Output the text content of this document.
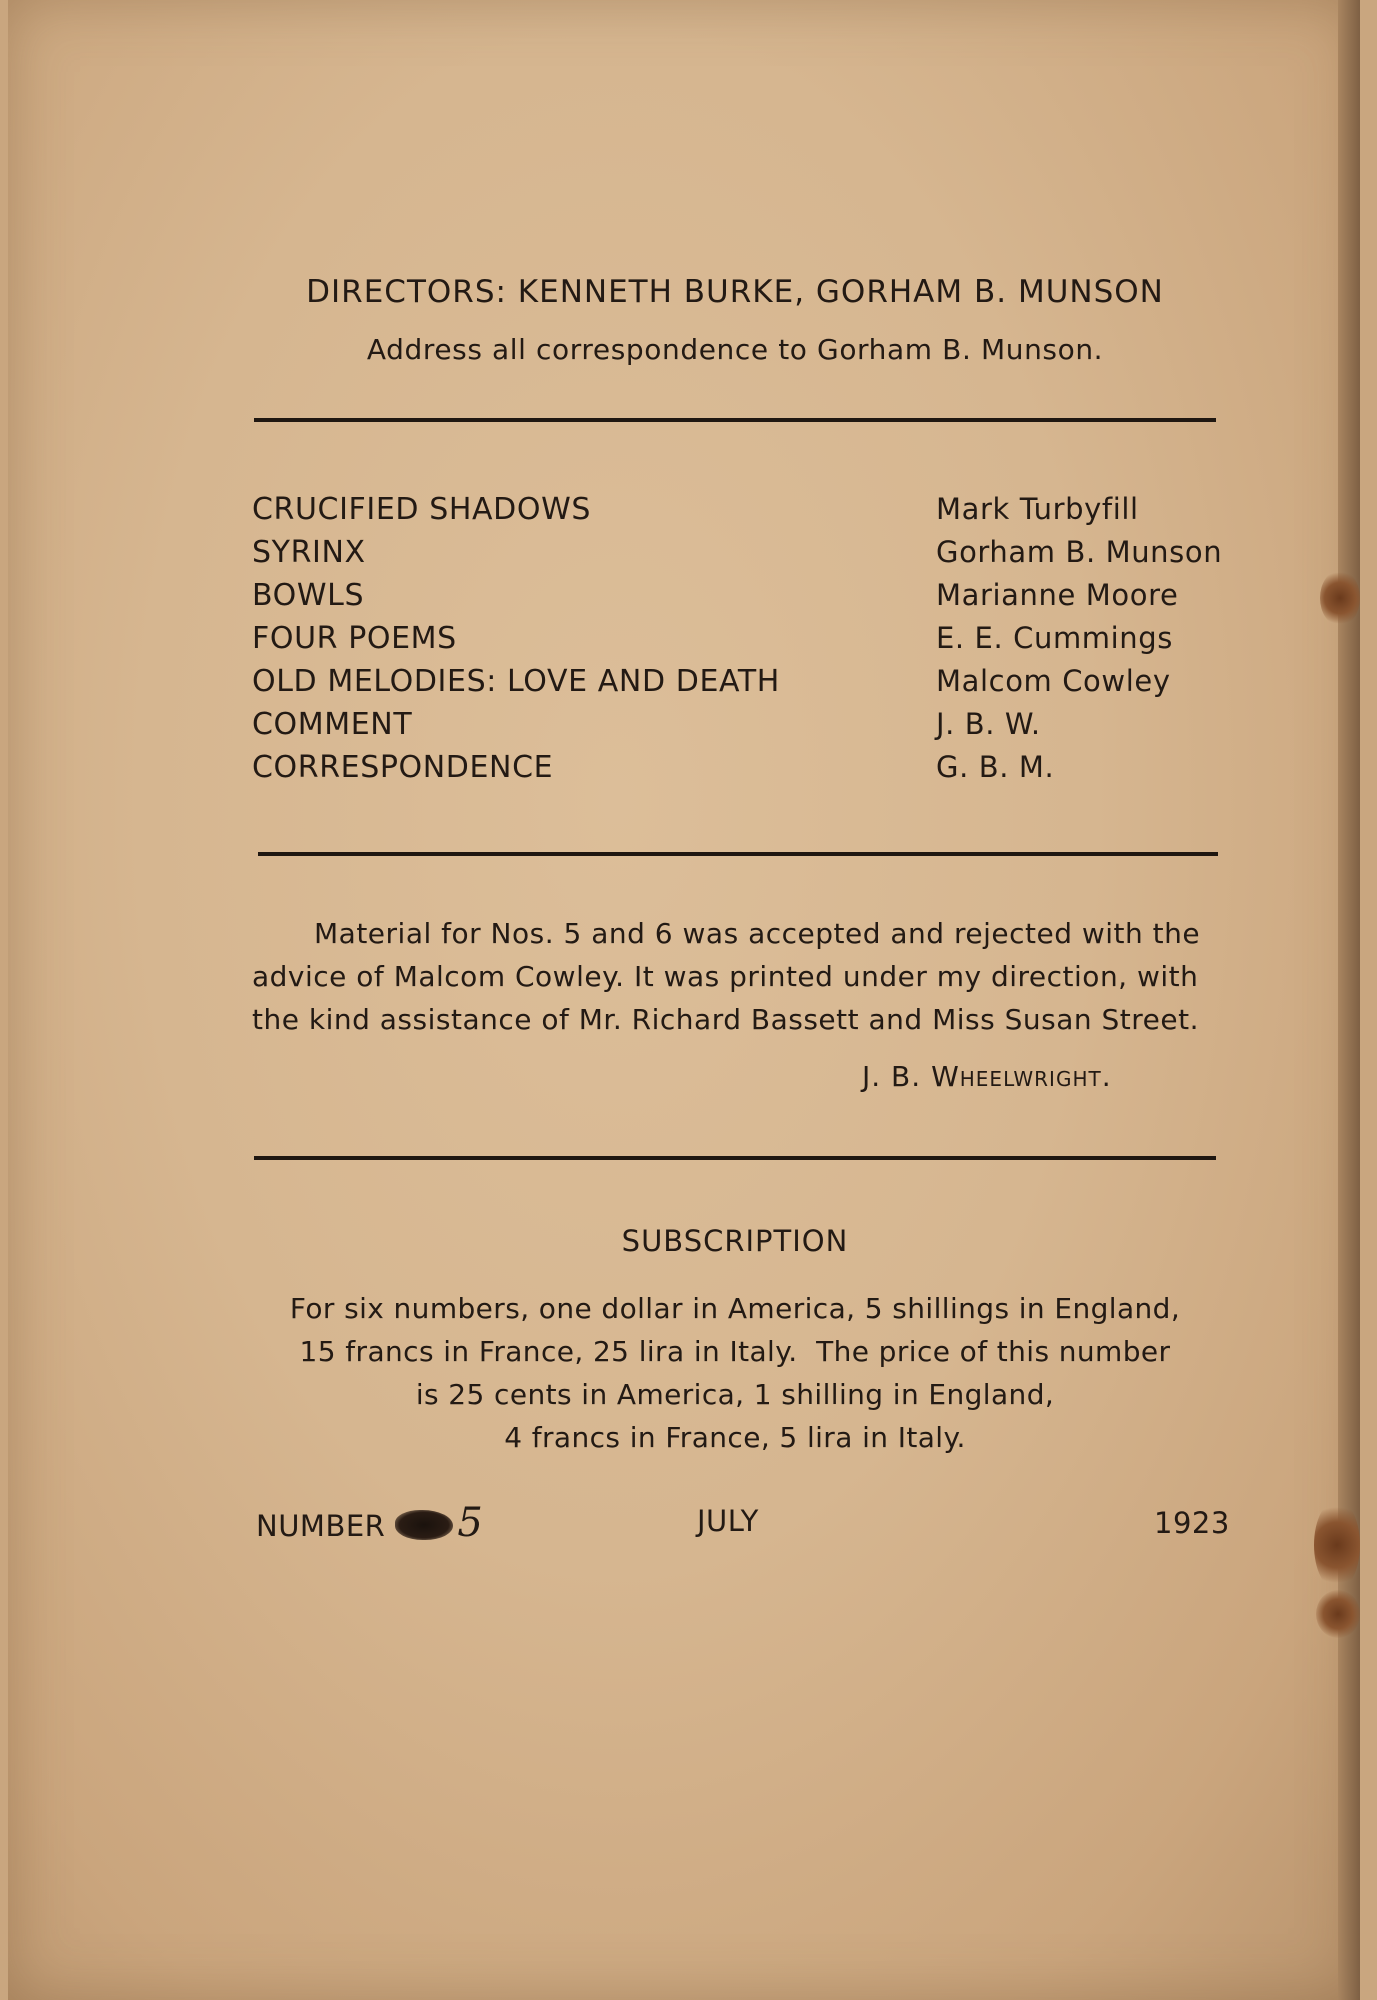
DIRECTORS: KENNETH BURKE, GORHAM B. MUNSON
Address all correspondence to Gorham B. Munson.
CRUCIFIED SHADOWS	Mark Turbyfill
SYRINX	Gorham B. Munson
BOWLS	Marianne Moore
FOUR POEMS	E. E. Cummings
OLD MELODIES: LOVE AND DEATH	Malcom Cowley
COMMENT	J. B. W.
CORRESPONDENCE	G. B. M.
Material for Nos. 5 and 6 was accepted and rejected with the
advice of Malcom Cowley. It was printed under my direction, with
the kind assistance of Mr. Richard Bassett and Miss Susan Street.
J. B. Wheelwright.
SUBSCRIPTION
For six numbers, one dollar in America, 5 shillings in England,
15 francs in France, 25 lira in Italy.  The price of this number
is 25 cents in America, 1 shilling in England,
4 francs in France, 5 lira in Italy.
NUMBER 5	JULY	1923
